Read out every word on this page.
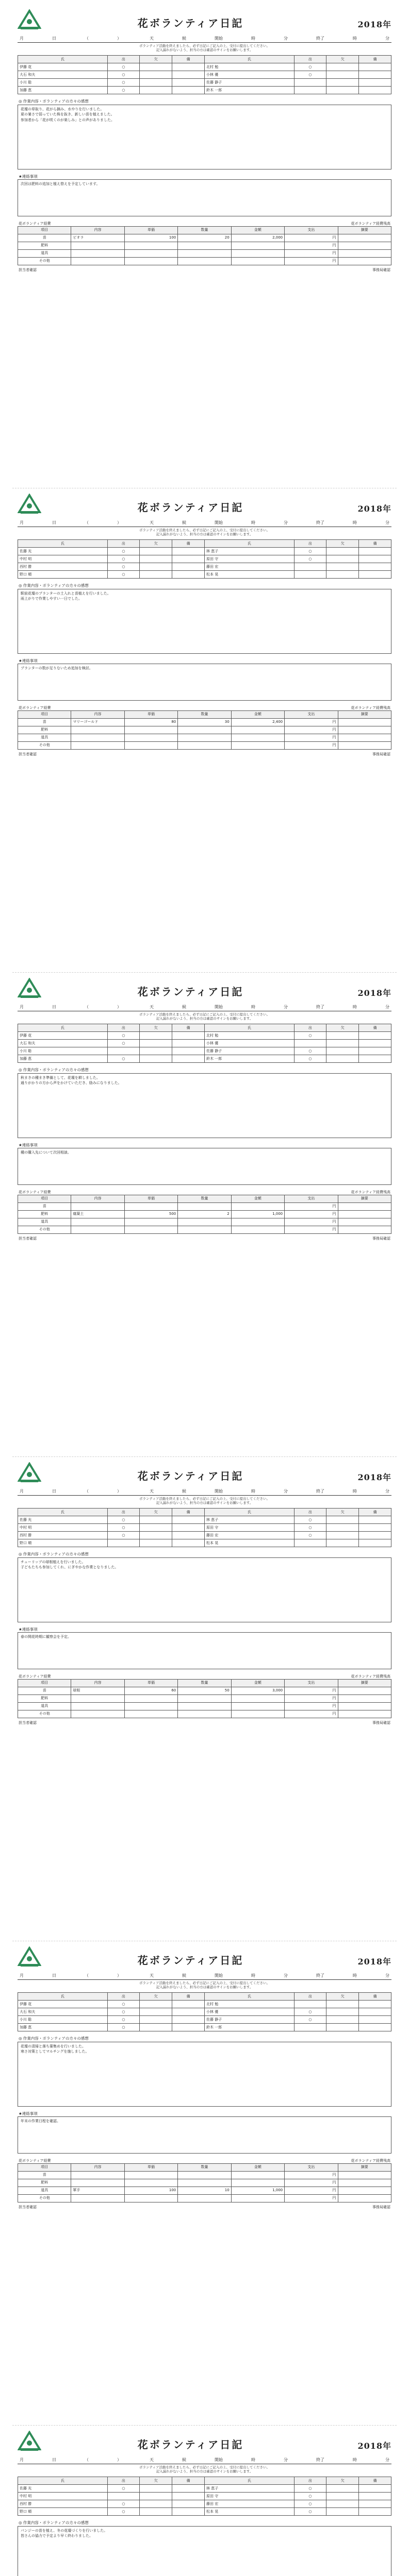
花ボランティア日記	2018年
月	日	（	）	天	候	開始	時	分	終了	時	分
ボランティア活動を終えましたら、必ず日記にご記入の上、受付に提出してください。
記入漏れがないよう、担当の方は確認のサインをお願いします。
氏	出	欠	備	氏	出	欠	備
伊藤 花	○			北村 勉	○		
大石 和夫	○			小林 優	○		
小川 聡	○			佐藤 静子			
加藤 恵	○			鈴木 一郎			
◎ 作業内容・ボランティアの方々の感想
花壇の草取り、花がら摘み、水やりを行いました。
夏の暑さで弱っていた株を抜き、新しい苗を植えました。
参加者から「花が咲くのが楽しみ」との声がありました。
★連絡事項
次回は肥料の追加と植え替えを予定しています。
花ボランティア経費	花ボランティア経費残高
項目	内容	単価	数量	金額	支出	摘要
苗	ビオラ	100	20	2,000	円	
肥料					円	
道具					円	
その他					円	
担当者確認	事務局確認
花ボランティア日記	2018年
月	日	（	）	天	候	開始	時	分	終了	時	分
ボランティア活動を終えましたら、必ず日記にご記入の上、受付に提出してください。
記入漏れがないよう、担当の方は確認のサインをお願いします。
氏	出	欠	備	氏	出	欠	備
佐藤 光	○			林 恵子	○		
中村 明	○			原田 守	○		
西村 勝	○			藤田 宏			
野口 順	○			松本 晃			
◎ 作業内容・ボランティアの方々の感想
駅前花壇のプランターの土入れと苗植えを行いました。
雨上がりで作業しやすい一日でした。
★連絡事項
プランターの数が足りないため追加を検討。
花ボランティア経費	花ボランティア経費残高
項目	内容	単価	数量	金額	支出	摘要
苗	マリーゴールド	80	30	2,400	円	
肥料					円	
道具					円	
その他					円	
担当者確認	事務局確認
花ボランティア日記	2018年
月	日	（	）	天	候	開始	時	分	終了	時	分
ボランティア活動を終えましたら、必ず日記にご記入の上、受付に提出してください。
記入漏れがないよう、担当の方は確認のサインをお願いします。
氏	出	欠	備	氏	出	欠	備
伊藤 花	○			北村 勉	○		
大石 和夫	○			小林 優			
小川 聡				佐藤 静子	○		
加藤 恵	○			鈴木 一郎	○		
◎ 作業内容・ボランティアの方々の感想
秋まきの種まき準備として、花壇を耕しました。
通りがかりの方から声をかけていただき、励みになりました。
★連絡事項
種の購入先について次回相談。
花ボランティア経費	花ボランティア経費残高
項目	内容	単価	数量	金額	支出	摘要
苗					円	
肥料	腐葉土	500	2	1,000	円	
道具					円	
その他					円	
担当者確認	事務局確認
花ボランティア日記	2018年
月	日	（	）	天	候	開始	時	分	終了	時	分
ボランティア活動を終えましたら、必ず日記にご記入の上、受付に提出してください。
記入漏れがないよう、担当の方は確認のサインをお願いします。
氏	出	欠	備	氏	出	欠	備
佐藤 光	○			林 恵子	○		
中村 明	○			原田 守	○		
西村 勝	○			藤田 宏	○		
野口 順				松本 晃			
◎ 作業内容・ボランティアの方々の感想
チューリップの球根植えを行いました。
子どもたちも参加してくれ、にぎやかな作業となりました。
★連絡事項
春の開花時期に観察会を予定。
花ボランティア経費	花ボランティア経費残高
項目	内容	単価	数量	金額	支出	摘要
苗	球根	60	50	3,000	円	
肥料					円	
道具					円	
その他					円	
担当者確認	事務局確認
花ボランティア日記	2018年
月	日	（	）	天	候	開始	時	分	終了	時	分
ボランティア活動を終えましたら、必ず日記にご記入の上、受付に提出してください。
記入漏れがないよう、担当の方は確認のサインをお願いします。
氏	出	欠	備	氏	出	欠	備
伊藤 花	○			北村 勉			
大石 和夫	○			小林 優	○		
小川 聡	○			佐藤 静子	○		
加藤 恵	○			鈴木 一郎			
◎ 作業内容・ボランティアの方々の感想
花壇の清掃と落ち葉集めを行いました。
寒さ対策としてマルチングを施しました。
★連絡事項
年末の作業日程を確認。
花ボランティア経費	花ボランティア経費残高
項目	内容	単価	数量	金額	支出	摘要
苗					円	
肥料					円	
道具	軍手	100	10	1,000	円	
その他					円	
担当者確認	事務局確認
花ボランティア日記	2018年
月	日	（	）	天	候	開始	時	分	終了	時	分
ボランティア活動を終えましたら、必ず日記にご記入の上、受付に提出してください。
記入漏れがないよう、担当の方は確認のサインをお願いします。
氏	出	欠	備	氏	出	欠	備
佐藤 光	○			林 恵子	○		
中村 明				原田 守	○		
西村 勝	○			藤田 宏	○		
野口 順	○			松本 晃	○		
◎ 作業内容・ボランティアの方々の感想
パンジーの苗を植え、冬の花壇づくりを行いました。
皆さんの協力で予定より早く終わりました。
